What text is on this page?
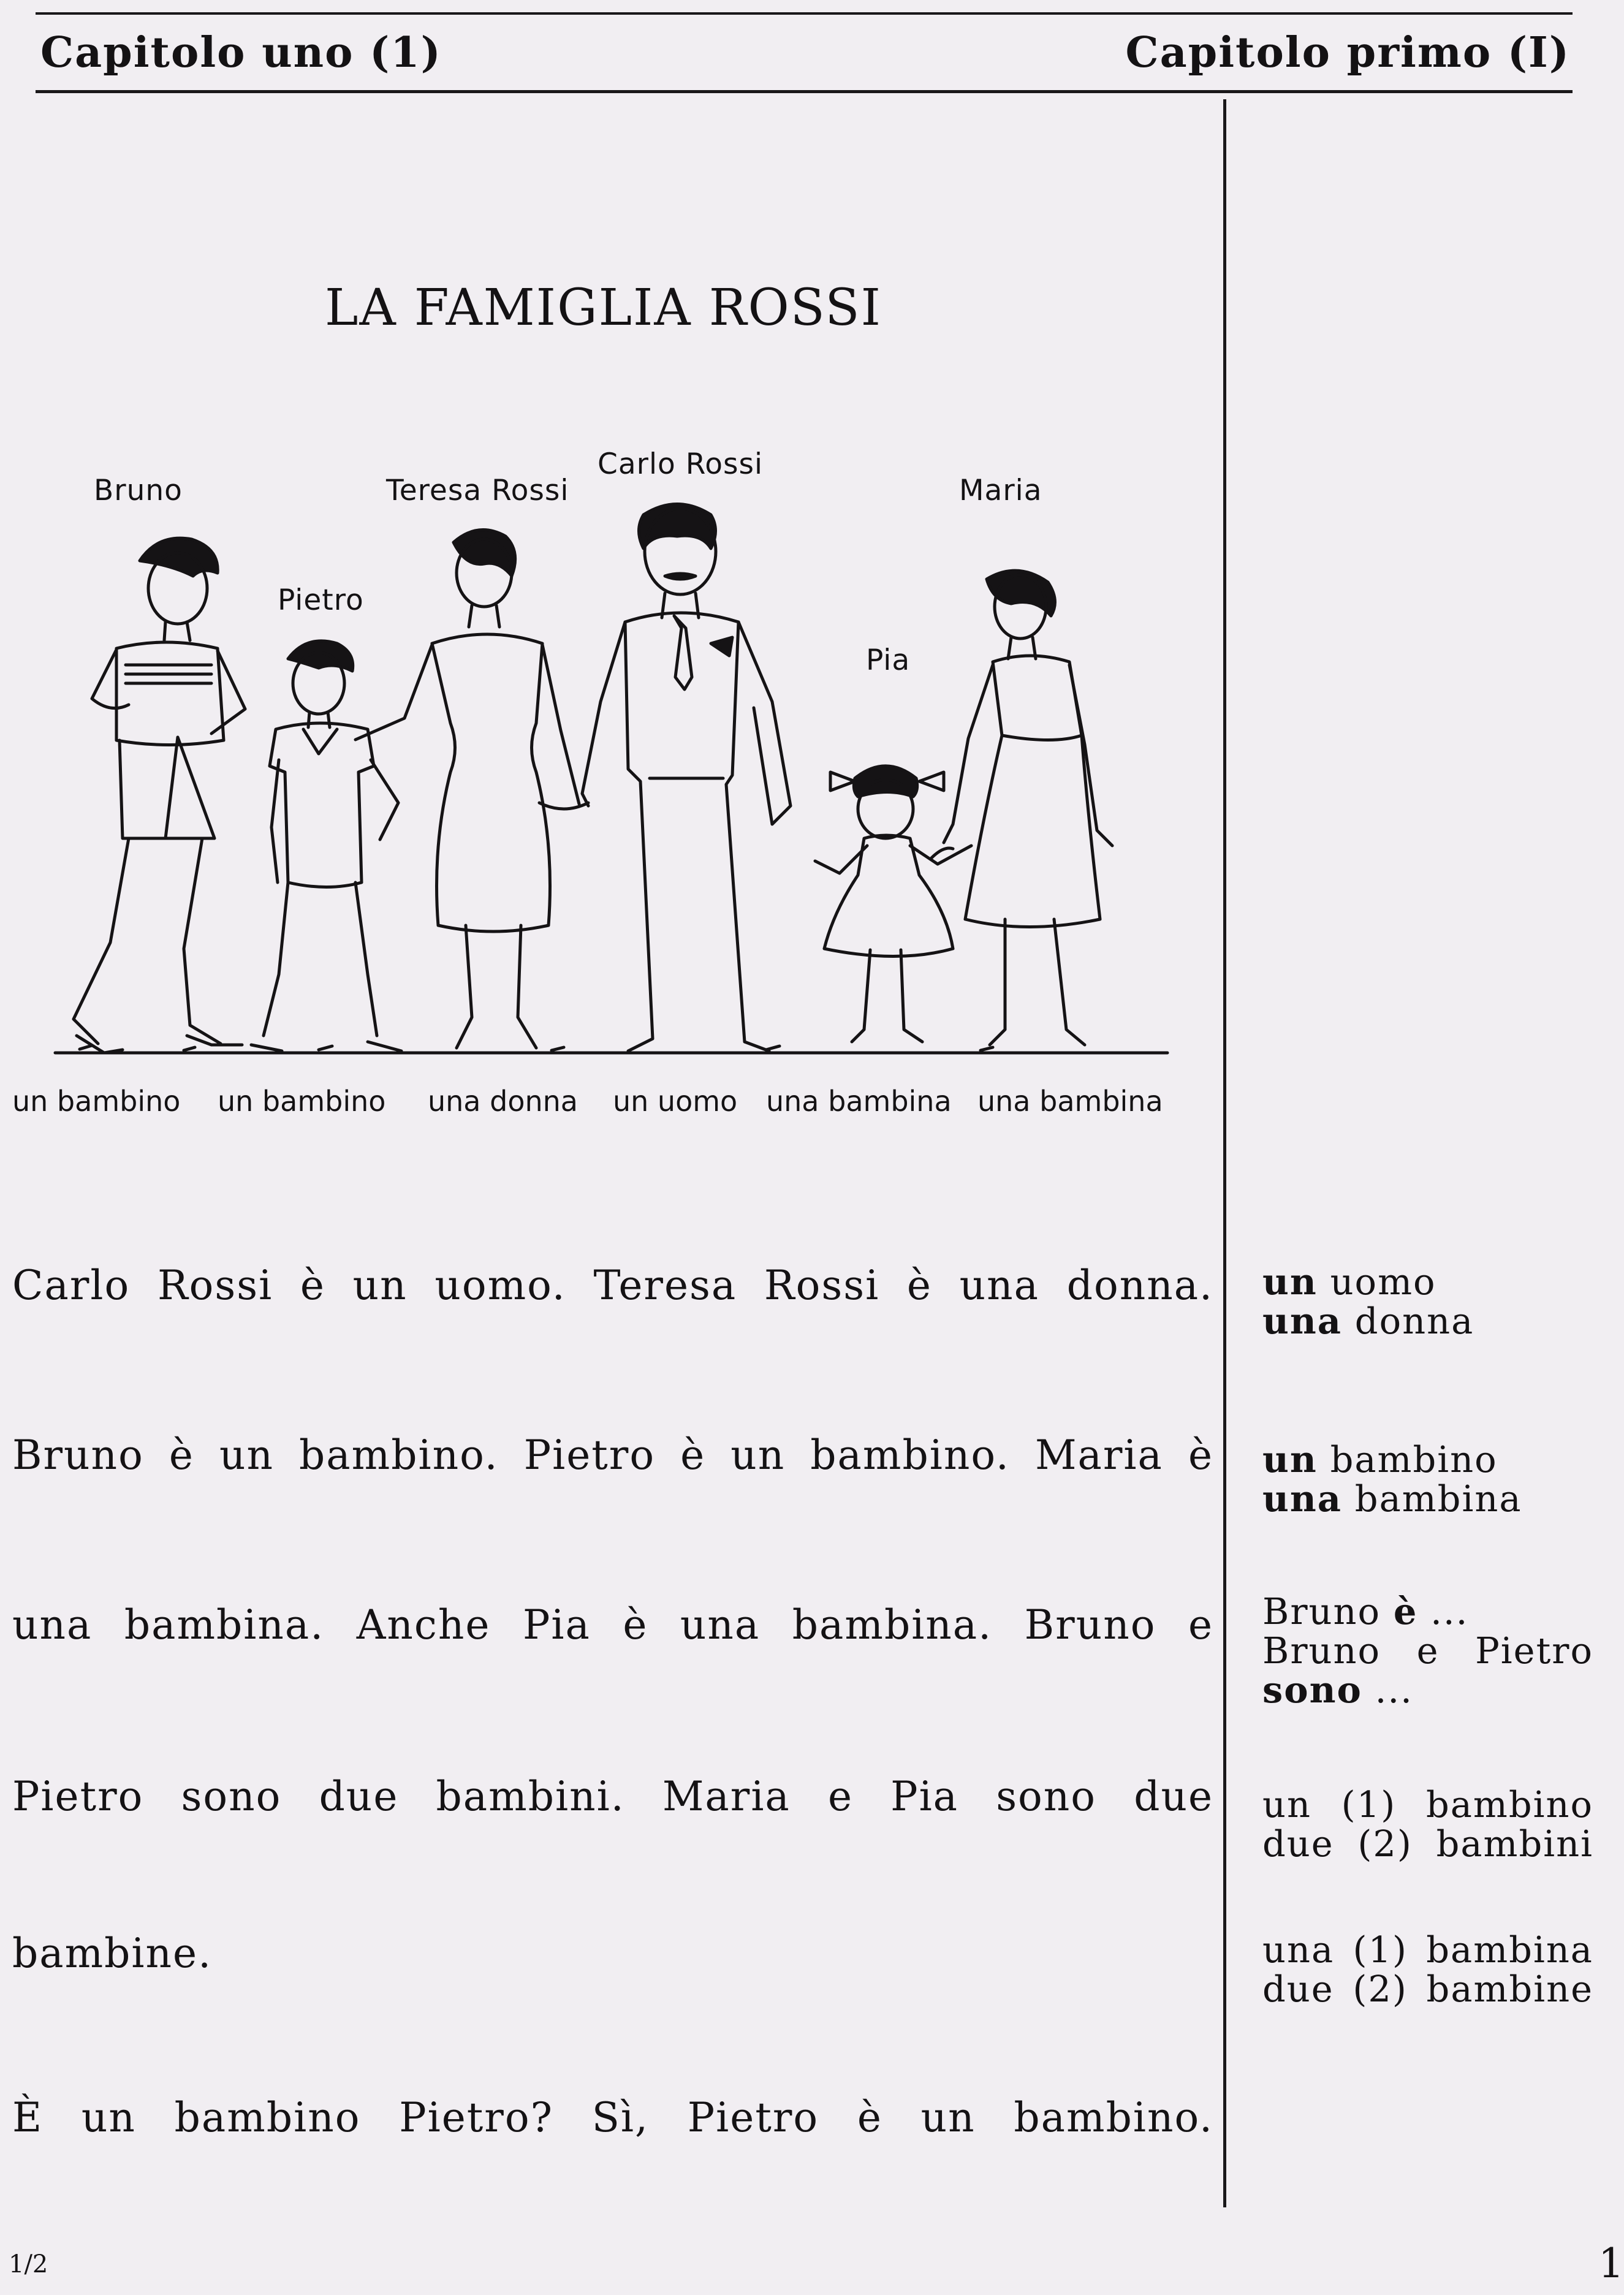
Capitolo uno (1)	Capitolo primo (I)
LA FAMIGLIA ROSSI
Bruno
Pietro
Teresa Rossi
Carlo Rossi
Pia
Maria
un bambino un bambino una donna un uomo una bambina una bambina
Carlo Rossi è un uomo. Teresa Rossi è una donna.
Bruno è un bambino. Pietro è un bambino. Maria è
una bambina. Anche Pia è una bambina. Bruno e
Pietro sono due bambini. Maria e Pia sono due
bambine.
È un bambino Pietro? Sì, Pietro è un bambino.
un uomo
una donna
un bambino
una bambina
Bruno è ...
Bruno e Pietro
sono ...
un (1) bambino
due (2) bambini
una (1) bambina
due (2) bambine
1/2	1
